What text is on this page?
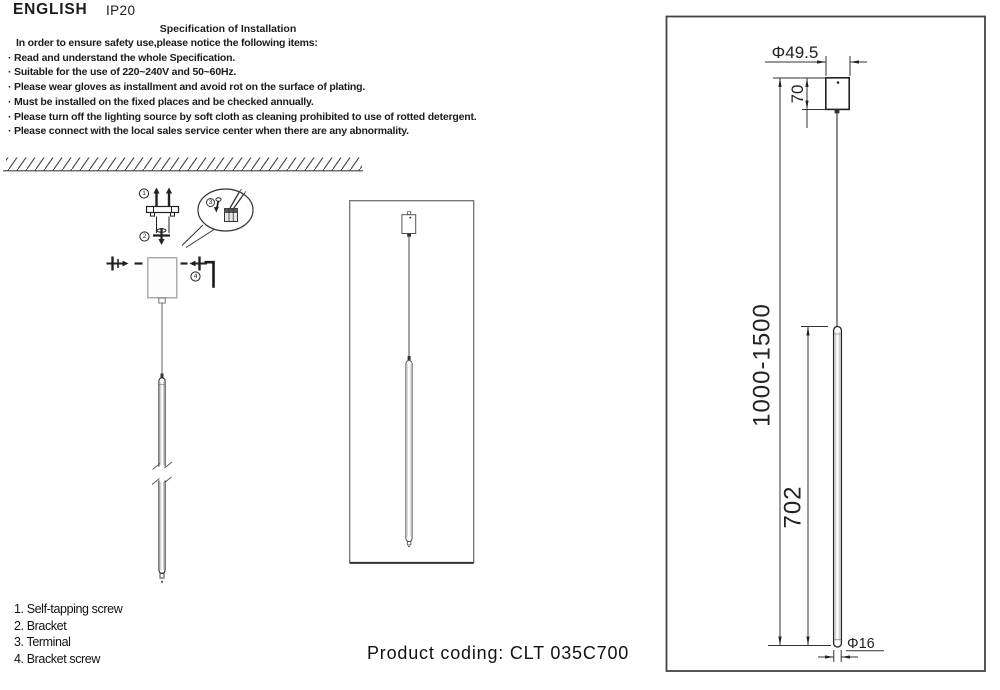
ENGLISH IP20
Specification of Installation
In order to ensure safety use,please notice the following items:
· Read and understand the whole Specification.
· Suitable for the use of 220~240V and 50~60Hz.
· Please wear gloves as installment and avoid rot on the surface of plating.
· Must be installed on the fixed places and be checked annually.
· Please turn off the lighting source by soft cloth as cleaning prohibited to use of rotted detergent.
· Please connect with the local sales service center when there are any abnormality.
1
2
3
4
Φ49.5
70
1000-1500
702
Φ16
1. Self-tapping screw
2. Bracket
3. Terminal
4. Bracket screw	Product coding: CLT 035C700
